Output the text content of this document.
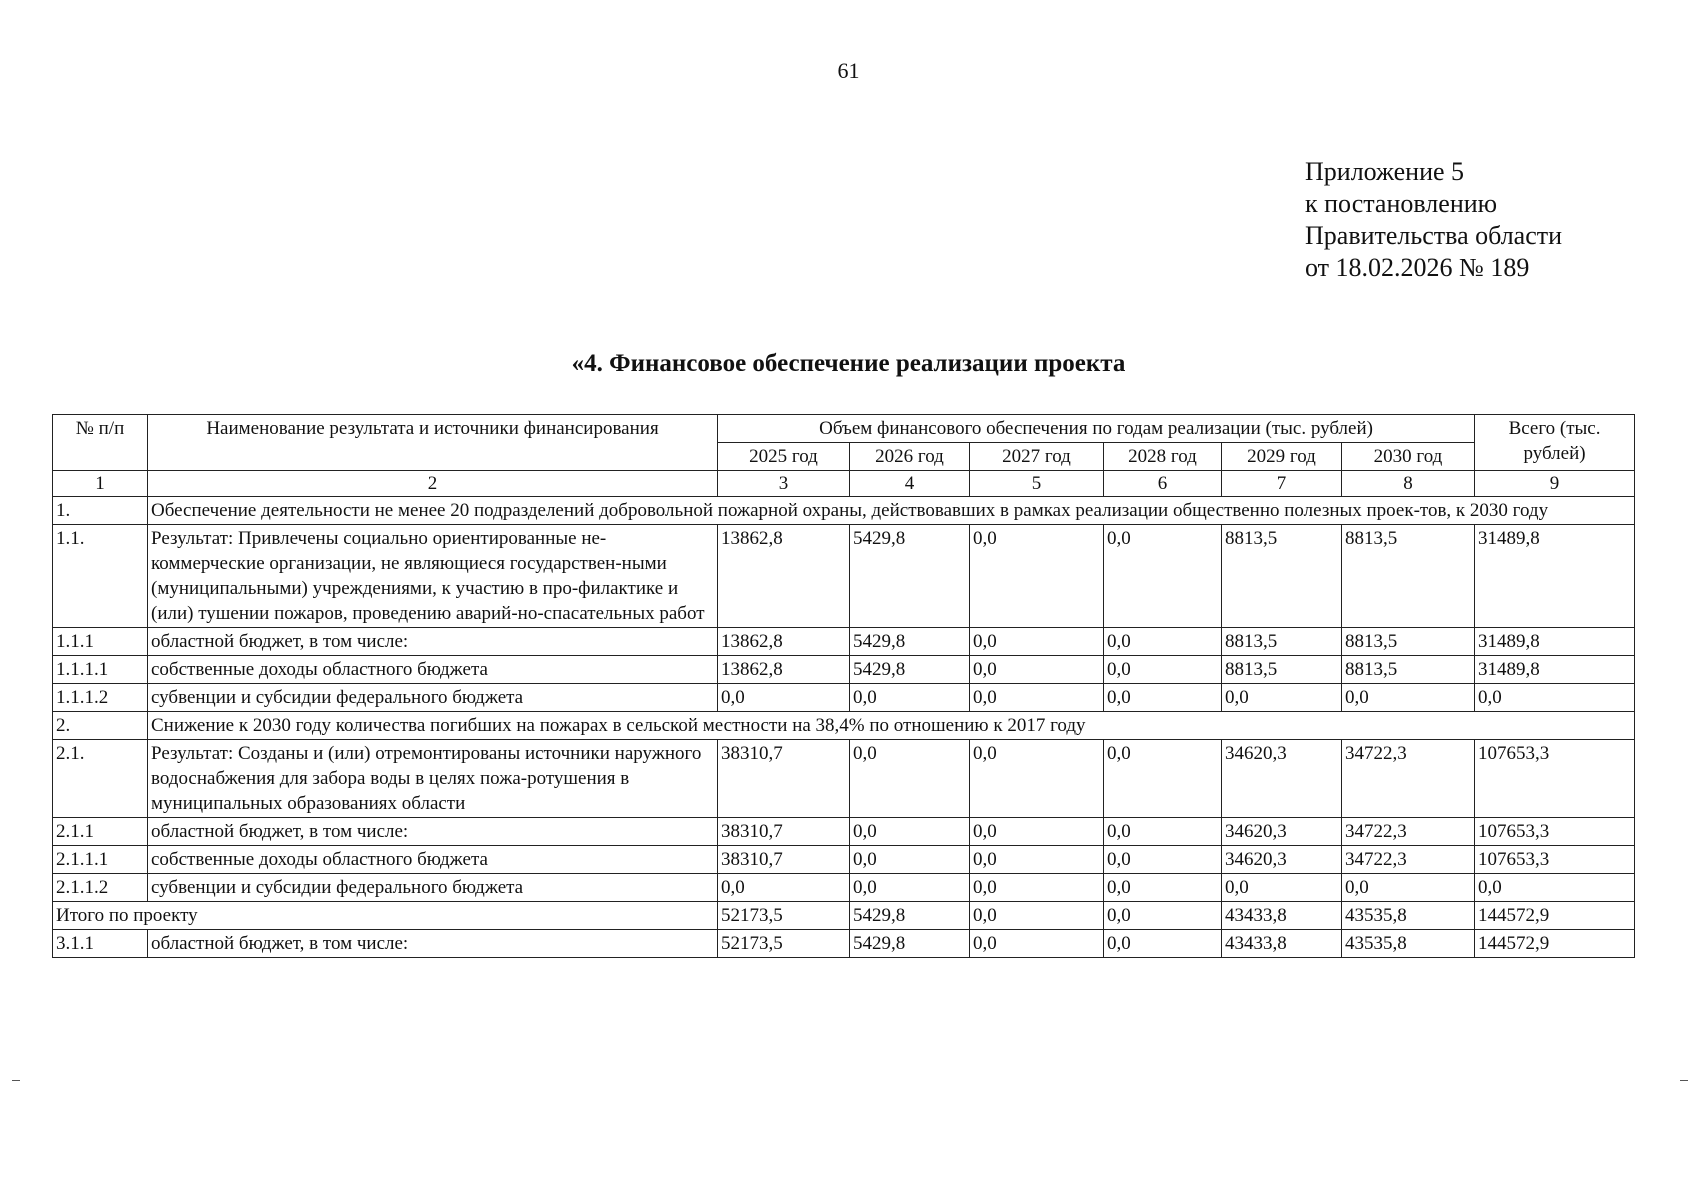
61
Приложение 5
к постановлению
Правительства области
от 18.02.2026 № 189
«4. Финансовое обеспечение реализации проекта
№ п/п	Наименование результата и источники финансирования	Объем финансового обеспечения по годам реализации (тыс. рублей)						Всего (тыс. рублей)
		2025 год	2026 год	2027 год	2028 год	2029 год	2030 год	
1	2	3	4	5	6	7	8	9
1.	Обеспечение деятельности не менее 20 подразделений добровольной пожарной охраны, действовавших в рамках реализации общественно полезных проек-тов, к 2030 году							
1.1.	Результат: Привлечены социально ориентированные не-коммерческие организации, не являющиеся государствен-ными (муниципальными) учреждениями, к участию в про-филактике и (или) тушении пожаров, проведению аварий-но-спасательных работ	13862,8	5429,8	0,0	0,0	8813,5	8813,5	31489,8
1.1.1	областной бюджет, в том числе:	13862,8	5429,8	0,0	0,0	8813,5	8813,5	31489,8
1.1.1.1	собственные доходы областного бюджета	13862,8	5429,8	0,0	0,0	8813,5	8813,5	31489,8
1.1.1.2	субвенции и субсидии федерального бюджета	0,0	0,0	0,0	0,0	0,0	0,0	0,0
2.	Снижение к 2030 году количества погибших на пожарах в сельской местности на 38,4% по отношению к 2017 году							
2.1.	Результат: Созданы и (или) отремонтированы источники наружного водоснабжения для забора воды в целях пожа-ротушения в муниципальных образованиях области	38310,7	0,0	0,0	0,0	34620,3	34722,3	107653,3
2.1.1	областной бюджет, в том числе:	38310,7	0,0	0,0	0,0	34620,3	34722,3	107653,3
2.1.1.1	собственные доходы областного бюджета	38310,7	0,0	0,0	0,0	34620,3	34722,3	107653,3
2.1.1.2	субвенции и субсидии федерального бюджета	0,0	0,0	0,0	0,0	0,0	0,0	0,0
Итого по проекту		52173,5	5429,8	0,0	0,0	43433,8	43535,8	144572,9
3.1.1	областной бюджет, в том числе:	52173,5	5429,8	0,0	0,0	43433,8	43535,8	144572,9
